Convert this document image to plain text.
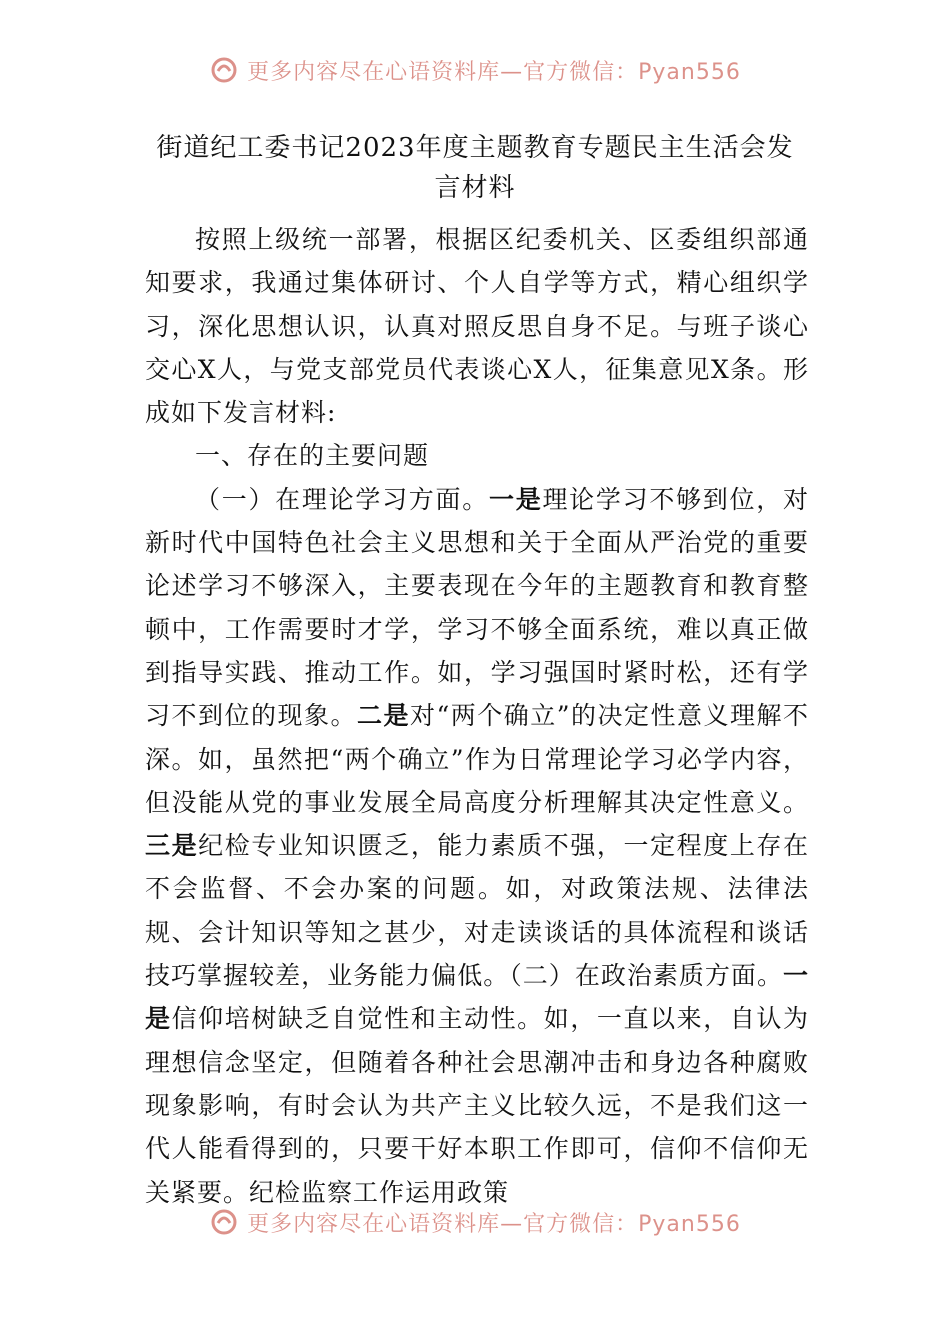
更多内容尽在心语资料库—官方微信：Pyan556
街道纪工委书记2023年度主题教育专题民主生活会发言材料

按照上级统一部署，根据区纪委机关、区委组织部通知要求，我通过集体研讨、个人自学等方式，精心组织学习，深化思想认识，认真对照反思自身不足。与班子谈心交心X人，与党支部党员代表谈心X人，征集意见X条。形成如下发言材料:

一、存在的主要问题

（一）在理论学习方面。一是理论学习不够到位，对新时代中国特色社会主义思想和关于全面从严治党的重要论述学习不够深入，主要表现在今年的主题教育和教育整顿中，工作需要时才学，学习不够全面系统，难以真正做到指导实践、推动工作。如，学习强国时紧时松，还有学习不到位的现象。二是对“两个确立”的决定性意义理解不深。如，虽然把“两个确立”作为日常理论学习必学内容，但没能从党的事业发展全局高度分析理解其决定性意义。三是纪检专业知识匮乏，能力素质不强，一定程度上存在不会监督、不会办案的问题。如，对政策法规、法律法规、会计知识等知之甚少，对走读谈话的具体流程和谈话技巧掌握较差，业务能力偏低。（二）在政治素质方面。一是信仰培树缺乏自觉性和主动性。如，一直以来，自认为理想信念坚定，但随着各种社会思潮冲击和身边各种腐败现象影响，有时会认为共产主义比较久远，不是我们这一代人能看得到的，只要干好本职工作即可，信仰不信仰无关紧要。纪检监察工作运用政策

更多内容尽在心语资料库—官方微信：Pyan556
